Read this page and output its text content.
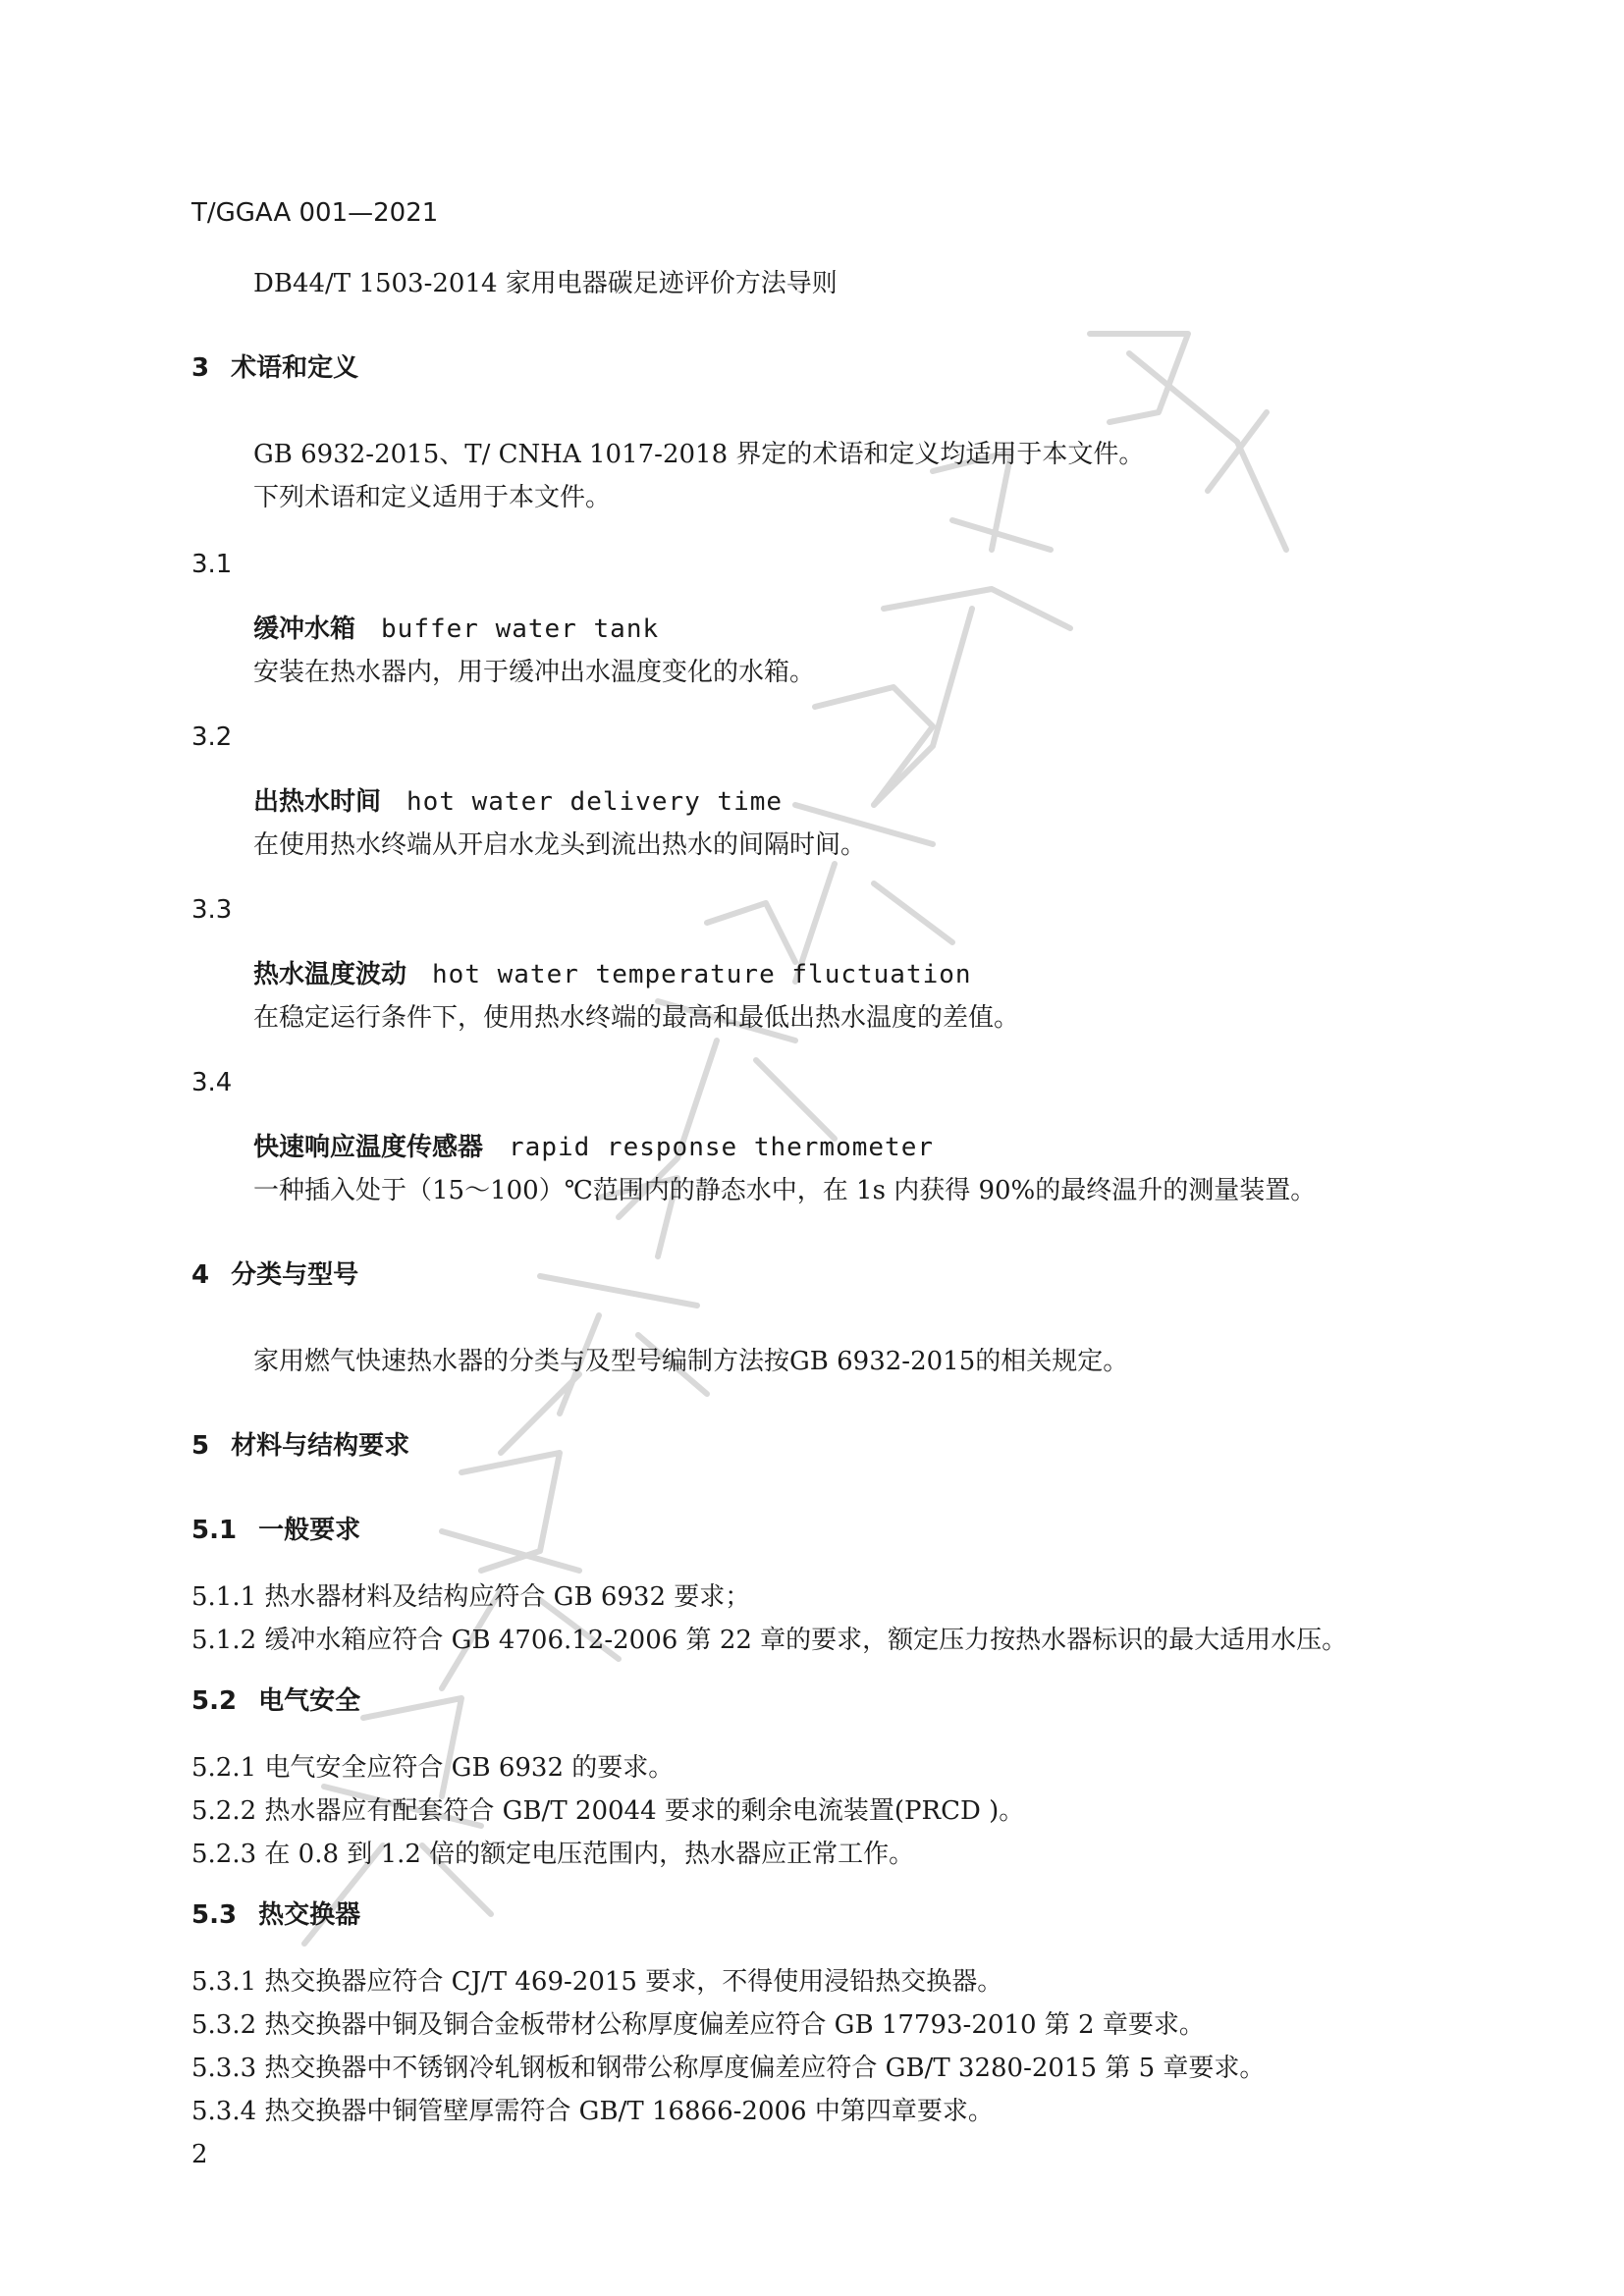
T/GGAA 001—2021
DB44/T 1503-2014 家用电器碳足迹评价方法导则
3 术语和定义
GB 6932-2015、T/ CNHA 1017-2018 界定的术语和定义均适用于本文件。
下列术语和定义适用于本文件。
3.1
缓冲水箱 buffer water tank
安装在热水器内，用于缓冲出水温度变化的水箱。
3.2
出热水时间 hot water delivery time
在使用热水终端从开启水龙头到流出热水的间隔时间。
3.3
热水温度波动 hot water temperature fluctuation
在稳定运行条件下，使用热水终端的最高和最低出热水温度的差值。
3.4
快速响应温度传感器 rapid response thermometer
一种插入处于（15～100）℃范围内的静态水中，在 1s 内获得 90%的最终温升的测量装置。
4 分类与型号
家用燃气快速热水器的分类与及型号编制方法按GB 6932-2015的相关规定。
5 材料与结构要求
5.1 一般要求
5.1.1 热水器材料及结构应符合 GB 6932 要求；
5.1.2 缓冲水箱应符合 GB 4706.12-2006 第 22 章的要求，额定压力按热水器标识的最大适用水压。
5.2 电气安全
5.2.1 电气安全应符合 GB 6932 的要求。
5.2.2 热水器应有配套符合 GB/T 20044 要求的剩余电流装置(PRCD )。
5.2.3 在 0.8 到 1.2 倍的额定电压范围内，热水器应正常工作。
5.3 热交换器
5.3.1 热交换器应符合 CJ/T 469-2015 要求，不得使用浸铅热交换器。
5.3.2 热交换器中铜及铜合金板带材公称厚度偏差应符合 GB 17793-2010 第 2 章要求。
5.3.3 热交换器中不锈钢冷轧钢板和钢带公称厚度偏差应符合 GB/T 3280-2015 第 5 章要求。
5.3.4 热交换器中铜管壁厚需符合 GB/T 16866-2006 中第四章要求。
2
